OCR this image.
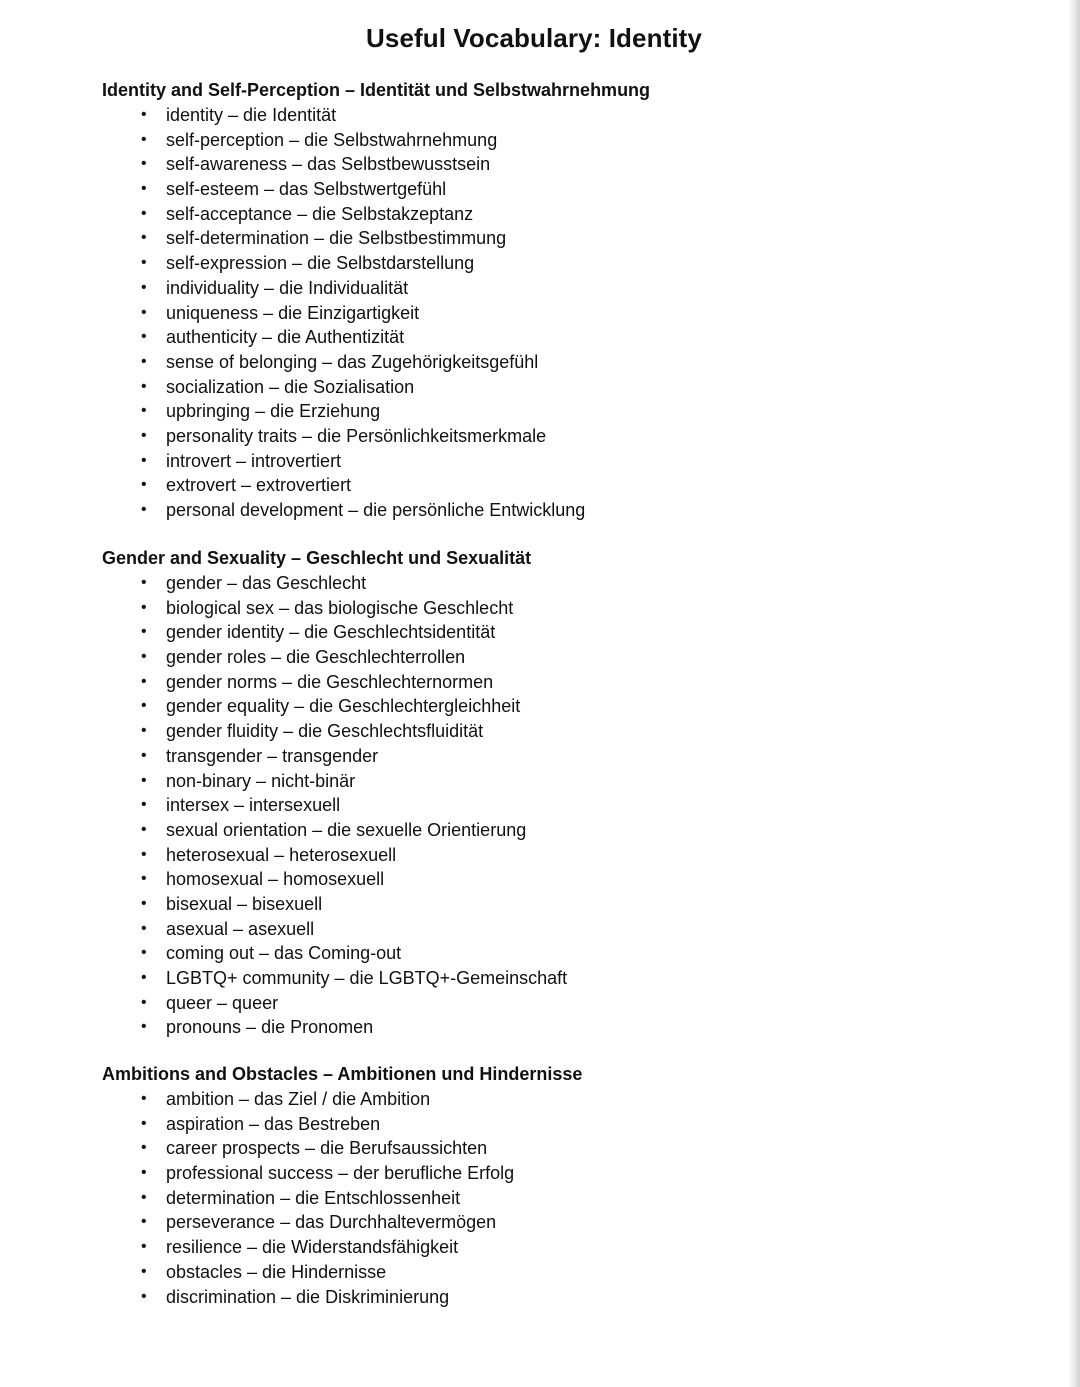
Useful Vocabulary: Identity
Identity and Self-Perception – Identität und Selbstwahrnehmung
• identity – die Identität
• self-perception – die Selbstwahrnehmung
• self-awareness – das Selbstbewusstsein
• self-esteem – das Selbstwertgefühl
• self-acceptance – die Selbstakzeptanz
• self-determination – die Selbstbestimmung
• self-expression – die Selbstdarstellung
• individuality – die Individualität
• uniqueness – die Einzigartigkeit
• authenticity – die Authentizität
• sense of belonging – das Zugehörigkeitsgefühl
• socialization – die Sozialisation
• upbringing – die Erziehung
• personality traits – die Persönlichkeitsmerkmale
• introvert – introvertiert
• extrovert – extrovertiert
• personal development – die persönliche Entwicklung
Gender and Sexuality – Geschlecht und Sexualität
• gender – das Geschlecht
• biological sex – das biologische Geschlecht
• gender identity – die Geschlechtsidentität
• gender roles – die Geschlechterrollen
• gender norms – die Geschlechternormen
• gender equality – die Geschlechtergleichheit
• gender fluidity – die Geschlechtsfluidität
• transgender – transgender
• non-binary – nicht-binär
• intersex – intersexuell
• sexual orientation – die sexuelle Orientierung
• heterosexual – heterosexuell
• homosexual – homosexuell
• bisexual – bisexuell
• asexual – asexuell
• coming out – das Coming-out
• LGBTQ+ community – die LGBTQ+-Gemeinschaft
• queer – queer
• pronouns – die Pronomen
Ambitions and Obstacles – Ambitionen und Hindernisse
• ambition – das Ziel / die Ambition
• aspiration – das Bestreben
• career prospects – die Berufsaussichten
• professional success – der berufliche Erfolg
• determination – die Entschlossenheit
• perseverance – das Durchhaltevermögen
• resilience – die Widerstandsfähigkeit
• obstacles – die Hindernisse
• discrimination – die Diskriminierung
